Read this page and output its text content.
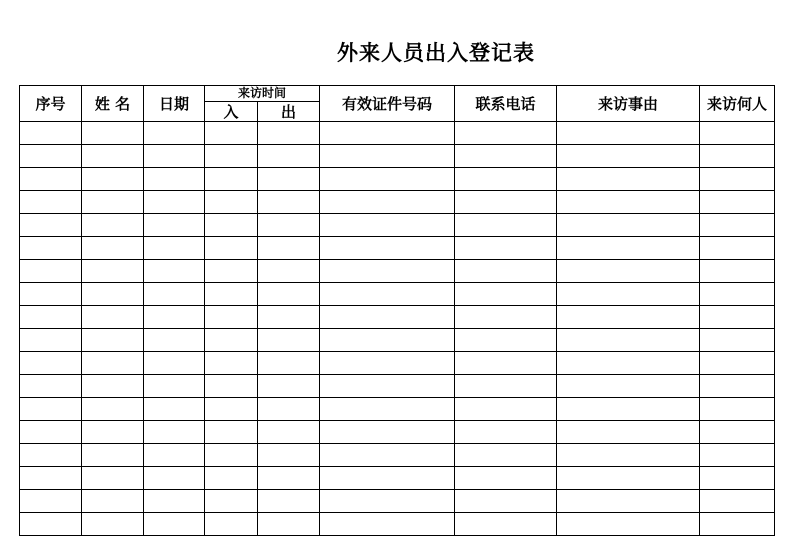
外来人员出入登记表
序号	姓 名	日期	来访时间		有效证件号码	联系电话	来访事由	来访何人
			入	出				
